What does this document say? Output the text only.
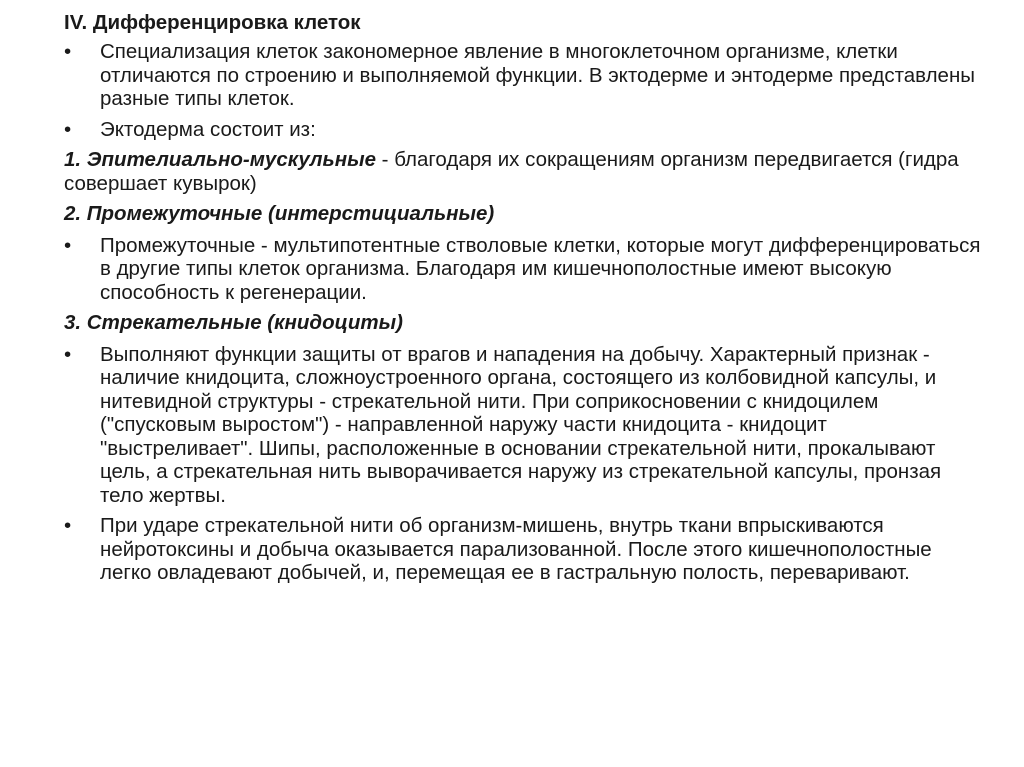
IV. Дифференцировка клеток
•	Специализация клеток закономерное явление в многоклеточном организме, клетки отличаются по строению и выполняемой функции. В эктодерме и энтодерме представлены разные типы клеток.
•	Эктодерма состоит из:
1. Эпителиально-мускульные - благодаря их сокращениям организм передвигается (гидра совершает кувырок)
2. Промежуточные (интерстициальные)
•	Промежуточные - мультипотентные стволовые клетки, которые могут дифференцироваться в другие типы клеток организма. Благодаря им кишечнополостные имеют высокую способность к регенерации.
3. Стрекательные (книдоциты)
•	Выполняют функции защиты от врагов и нападения на добычу. Характерный признак - наличие книдоцита, сложноустроенного органа, состоящего из колбовидной капсулы, и нитевидной структуры - стрекательной нити. При соприкосновении с книдоцилем ("спусковым выростом") - направленной наружу части книдоцита - книдоцит "выстреливает". Шипы, расположенные в основании стрекательной нити, прокалывают цель, а стрекательная нить выворачивается наружу из стрекательной капсулы, пронзая тело жертвы.
•	При ударе стрекательной нити об организм-мишень, внутрь ткани впрыскиваются нейротоксины и добыча оказывается парализованной. После этого кишечнополостные легко овладевают добычей, и, перемещая ее в гастральную полость, переваривают.
